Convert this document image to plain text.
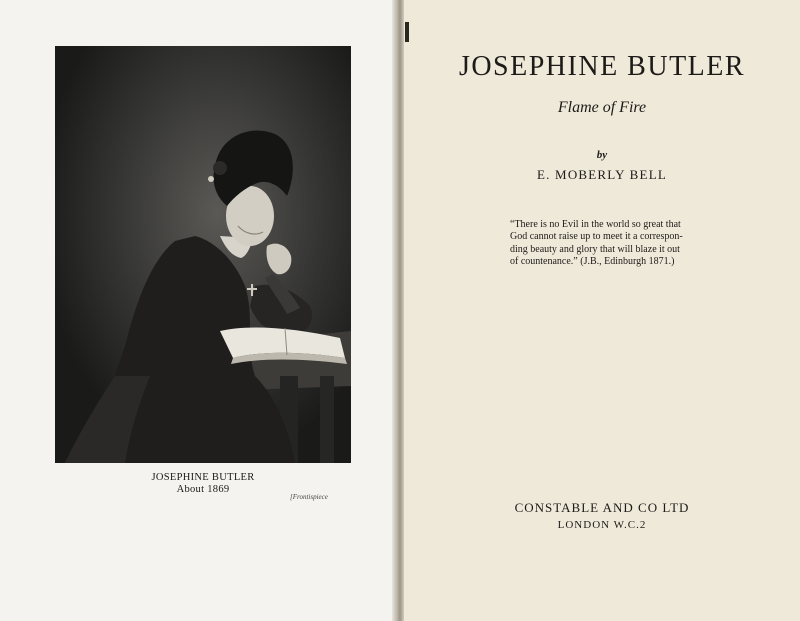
JOSEPHINE BUTLER
About 1869
[Frontispiece
JOSEPHINE BUTLER
Flame of Fire
by
E. MOBERLY BELL
“There is no Evil in the world so great that
God cannot raise up to meet it a correspon-
ding beauty and glory that will blaze it out
of countenance.” (J.B., Edinburgh 1871.)
CONSTABLE AND CO LTD
LONDON W.C.2
